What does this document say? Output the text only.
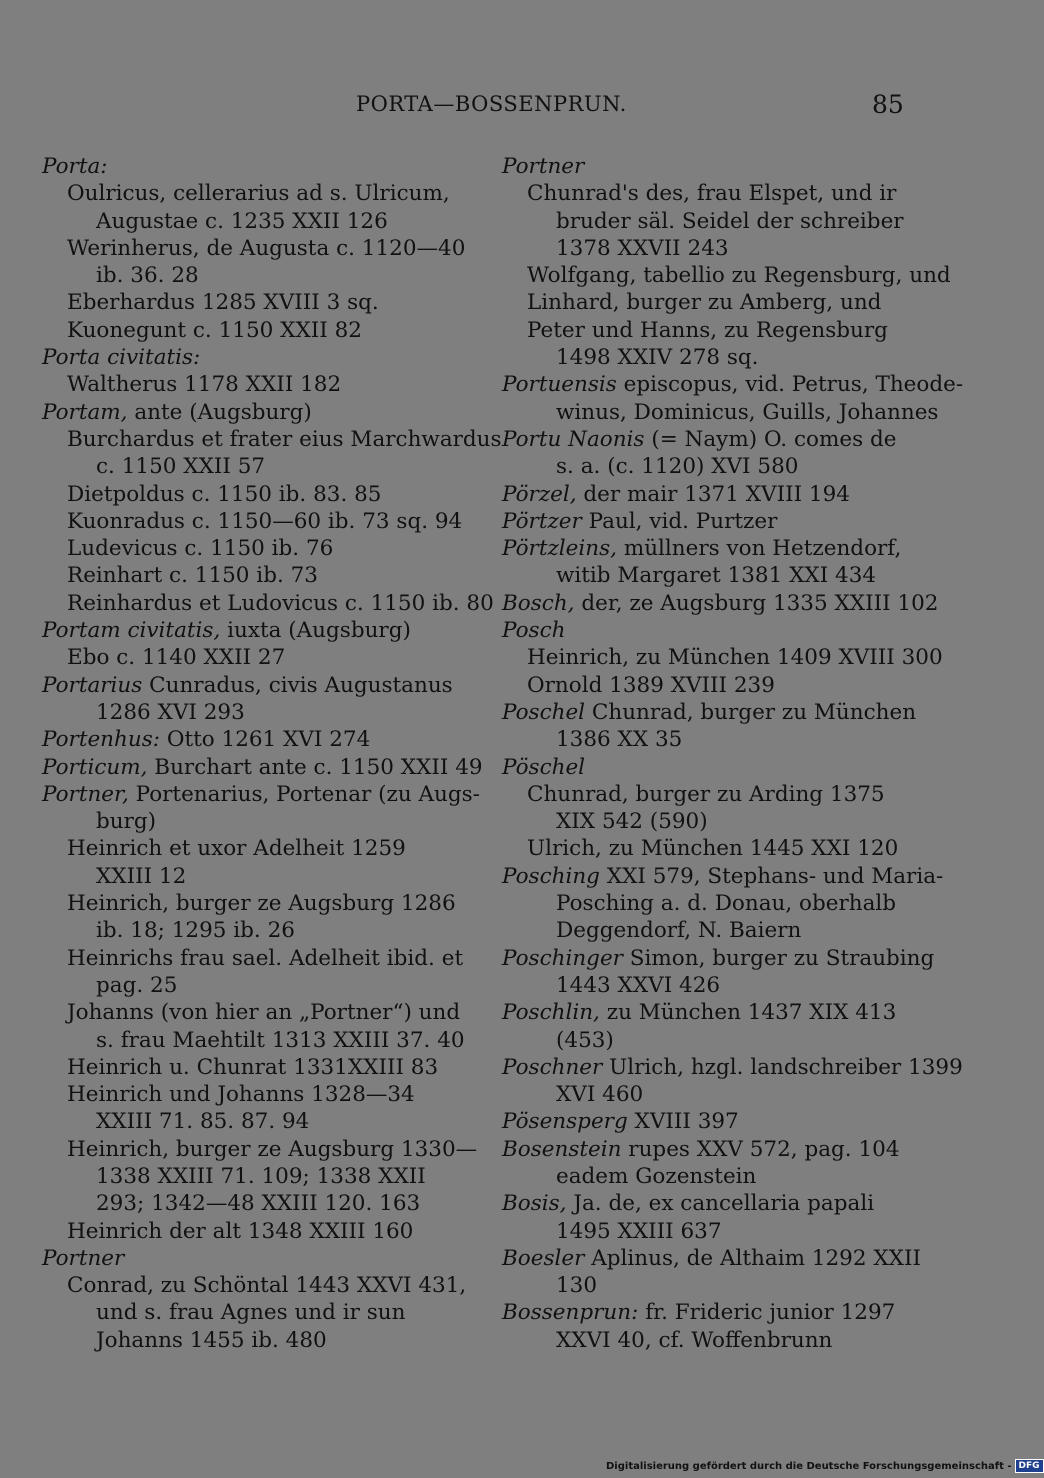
PORTA—BOSSENPRUN.	85
Porta:
Oulricus, cellerarius ad s. Ulricum,
Augustae c. 1235 XXII 126
Werinherus, de Augusta c. 1120—40
ib. 36. 28
Eberhardus 1285 XVIII 3 sq.
Kuonegunt c. 1150 XXII 82
Porta civitatis:
Waltherus 1178 XXII 182
Portam, ante (Augsburg)
Burchardus et frater eius Marchwardus
c. 1150 XXII 57
Dietpoldus c. 1150 ib. 83. 85
Kuonradus c. 1150—60 ib. 73 sq. 94
Ludevicus c. 1150 ib. 76
Reinhart c. 1150 ib. 73
Reinhardus et Ludovicus c. 1150 ib. 80
Portam civitatis, iuxta (Augsburg)
Ebo c. 1140 XXII 27
Portarius Cunradus, civis Augustanus
1286 XVI 293
Portenhus: Otto 1261 XVI 274
Porticum, Burchart ante c. 1150 XXII 49
Portner, Portenarius, Portenar (zu Augs-
burg)
Heinrich et uxor Adelheit 1259
XXIII 12
Heinrich, burger ze Augsburg 1286
ib. 18; 1295 ib. 26
Heinrichs frau sael. Adelheit ibid. et
pag. 25
Johanns (von hier an „Portner“) und
s. frau Maehtilt 1313 XXIII 37. 40
Heinrich u. Chunrat 1331XXIII 83
Heinrich und Johanns 1328—34
XXIII 71. 85. 87. 94
Heinrich, burger ze Augsburg 1330—
1338 XXIII 71. 109; 1338 XXII
293; 1342—48 XXIII 120. 163
Heinrich der alt 1348 XXIII 160
Portner
Conrad, zu Schöntal 1443 XXVI 431,
und s. frau Agnes und ir sun
Johanns 1455 ib. 480
Portner
Chunrad's des, frau Elspet, und ir
bruder säl. Seidel der schreiber
1378 XXVII 243
Wolfgang, tabellio zu Regensburg, und
Linhard, burger zu Amberg, und
Peter und Hanns, zu Regensburg
1498 XXIV 278 sq.
Portuensis episcopus, vid. Petrus, Theode-
winus, Dominicus, Guills, Johannes
Portu Naonis (= Naym) O. comes de
s. a. (c. 1120) XVI 580
Pörzel, der mair 1371 XVIII 194
Pörtzer Paul, vid. Purtzer
Pörtzleins, müllners von Hetzendorf,
witib Margaret 1381 XXI 434
Bosch, der, ze Augsburg 1335 XXIII 102
Posch
Heinrich, zu München 1409 XVIII 300
Ornold 1389 XVIII 239
Poschel Chunrad, burger zu München
1386 XX 35
Pöschel
Chunrad, burger zu Arding 1375
XIX 542 (590)
Ulrich, zu München 1445 XXI 120
Posching XXI 579, Stephans- und Maria-
Posching a. d. Donau, oberhalb
Deggendorf, N. Baiern
Poschinger Simon, burger zu Straubing
1443 XXVI 426
Poschlin, zu München 1437 XIX 413
(453)
Poschner Ulrich, hzgl. landschreiber 1399
XVI 460
Pösensperg XVIII 397
Bosenstein rupes XXV 572, pag. 104
eadem Gozenstein
Bosis, Ja. de, ex cancellaria papali
1495 XXIII 637
Boesler Aplinus, de Althaim 1292 XXII
130
Bossenprun: fr. Frideric junior 1297
XXVI 40, cf. Woffenbrunn
Digitalisierung gefördert durch die Deutsche Forschungsgemeinschaft - DFG
